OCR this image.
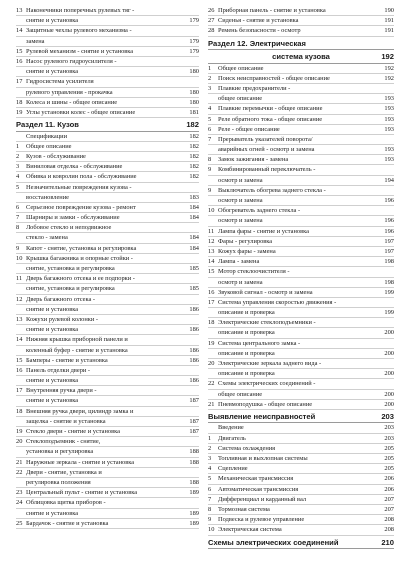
13 Наконечники поперечных рулевых тяг -
снятие и установка	179
14 Защитные чехлы рулевого механизма -
замена	179
15 Рулевой механизм - снятие и установка	179
16 Насос рулевого гидроусилителя -
снятие и установка	180
17 Гидросистема усилителя
рулевого управления - прокачка	180
18 Колеса и шины - общее описание	180
19 Углы установки колес - общее описание	181
Раздел 11. Кузов	182
Спецификации	182
1 Общее описание	182
2 Кузов - обслуживание	182
3 Виниловая отделка - обслуживание	182
4 Обивка и коврoлин пола - обслуживание	182
5 Незначительные повреждения кузова -
восстановление	183
6 Серьезное повреждение кузова - ремонт	184
7 Шарниры и замки - обслуживание	184
8 Лобовое стекло и неподвижное
стекло - замена	184
9 Капот - снятие, установка и регулировка	184
10 Крышка багажника и опорные стойки -
снятие, установка и регулировка	185
11 Дверь багажного отсека и ее подпорки -
снятие, установка и регулировка	185
12 Дверь багажного отсека -
снятие и установка	186
13 Кожухи рулевой колонки -
снятие и установка	186
14 Нижняя крышка приборной панели и
коленный буфер - снятие и установка	186
15 Бамперы - снятие и установка	186
16 Панель отделки двери -
снятие и установка	186
17 Внутренняя ручка двери -
снятие и установка	187
18 Внешняя ручка двери, цилиндр замка и
защелка - снятие и установка	187
19 Стекло двери - снятие и установка	187
20 Стеклоподъемник - снятие,
установка и регулировка	188
21 Наружные зеркала - снятие и установка	188
22 Двери - снятие, установка и
регулировка положения	188
23 Центральный пульт - снятие и установка	189
24 Облицовка щитка приборов -
снятие и установка	189
25 Бардачок - снятие и установка	189
26 Приборная панель - снятие и установка	190
27 Сиденья - снятие и установка	191
28 Ремень безопасности - осмотр	191
Раздел 12. Электрическая
система кузова	192
1 Общее описание	192
2 Поиск неисправностей - общее описание	192
3 Плавкие предохранители -
общее описание	193
4 Плавкие перемычки - общее описание	193
5 Реле обратного тока - общее описание	193
6 Реле - общее описание	193
7 Прерыватель указателей поворота/
аварийных огней - осмотр и замена	193
8 Замок зажигания - замена	193
9 Комбинированный переключатель -
осмотр и замена	194
9 Выключатель обогрева заднего стекла -
осмотр и замена	196
10 Обогреватель заднего стекла -
осмотр и замена	196
11 Лампа фары - снятие и установка	196
12 Фары - регулировка	197
13 Кожух фары - замена	197
14 Лампа - замена	198
15 Мотор стеклоочистителя -
осмотр и замена	198
16 Звуковой сигнал - осмотр и замена	199
17 Система управления скоростью движения -
описание и проверка	199
18 Электрические стеклоподъемники -
описание и проверка	200
19 Система центрального замка -
описание и проверка	200
20 Электрические зеркала заднего вида -
описание и проверка	200
22 Схемы электрических соединений -
общее описание	200
21 Пневмоподушка - общее описание	200
Выявление неисправностей	203
Введение	203
1 Двигатель	203
2 Система охлаждения	205
3 Топливная и выхлопная системы	205
4 Сцепление	205
5 Механическая трансмиссия	206
6 Автоматическая трансмиссия	206
7 Дифференциал и карданный вал	207
8 Тормозная система	207
9 Подвеска и рулевое управление	208
10 Электрическая система	208
Схемы электрических соединений	210
